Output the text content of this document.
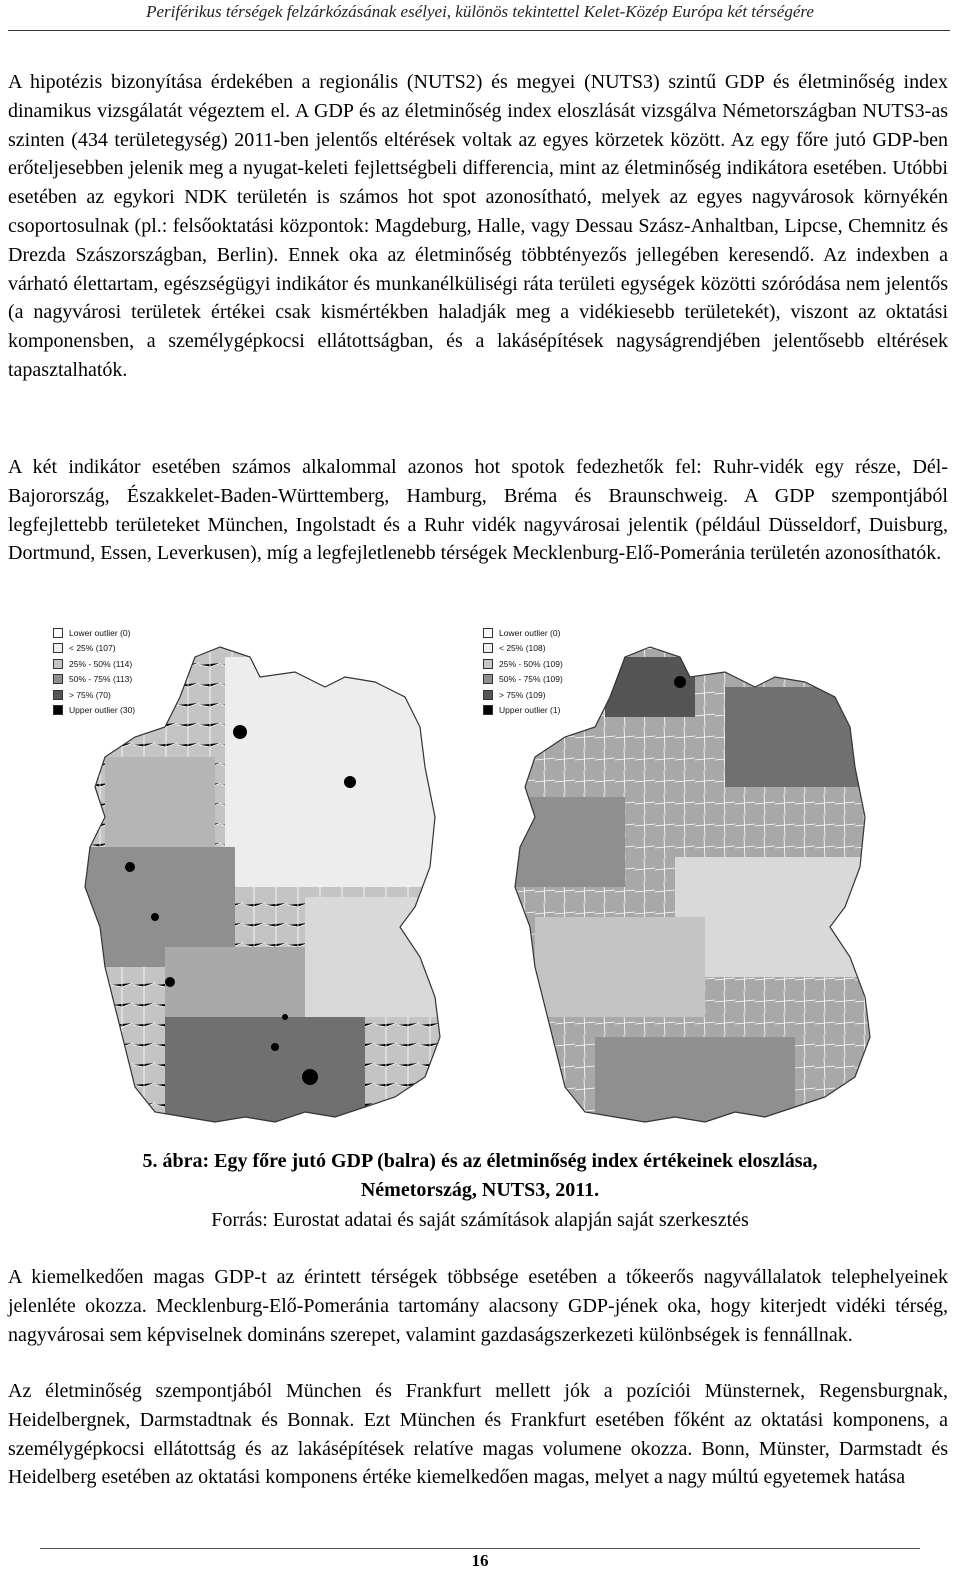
Periférikus térségek felzárkózásának esélyei, különös tekintettel Kelet-Közép Európa két térségére

A hipotézis bizonyítása érdekében a regionális (NUTS2) és megyei (NUTS3) szintű GDP és életminőség index dinamikus vizsgálatát végeztem el. A GDP és az életminőség index eloszlását vizsgálva Németországban NUTS3-as szinten (434 területegység) 2011-ben jelentős eltérések voltak az egyes körzetek között. Az egy főre jutó GDP-ben erőteljesebben jelenik meg a nyugat-keleti fejlettségbeli differencia, mint az életminőség indikátora esetében. Utóbbi esetében az egykori NDK területén is számos hot spot azonosítható, melyek az egyes nagyvárosok környékén csoportosulnak (pl.: felsőoktatási központok: Magdeburg, Halle, vagy Dessau Szász-Anhaltban, Lipcse, Chemnitz és Drezda Szászországban, Berlin). Ennek oka az életminőség többtényezős jellegében keresendő. Az indexben a várható élettartam, egészségügyi indikátor és munkanélküliségi ráta területi egységek közötti szóródása nem jelentős (a nagyvárosi területek értékei csak kismértékben haladják meg a vidékiesebb területekét), viszont az oktatási komponensben, a személygépkocsi ellátottságban, és a lakásépítések nagyságrendjében jelentősebb eltérések tapasztalhatók.

A két indikátor esetében számos alkalommal azonos hot spotok fedezhetők fel: Ruhr-vidék egy része, Dél-Bajorország, Északkelet-Baden-Württemberg, Hamburg, Bréma és Braunschweig. A GDP szempontjából legfejlettebb területeket München, Ingolstadt és a Ruhr vidék nagyvárosai jelentik (például Düsseldorf, Duisburg, Dortmund, Essen, Leverkusen), míg a legfejletlenebb térségek Mecklenburg-Elő-Pomeránia területén azonosíthatók.

Lower outlier (0)
< 25% (107)
25% - 50% (114)
50% - 75% (113)
> 75% (70)
Upper outlier (30)
Lower outlier (0)
< 25% (108)
25% - 50% (109)
50% - 75% (109)
> 75% (109)
Upper outlier (1)
5. ábra: Egy főre jutó GDP (balra) és az életminőség index értékeinek eloszlása,
Németország, NUTS3, 2011.
Forrás: Eurostat adatai és saját számítások alapján saját szerkesztés

A kiemelkedően magas GDP-t az érintett térségek többsége esetében a tőkeerős nagyvállalatok telephelyeinek jelenléte okozza. Mecklenburg-Elő-Pomeránia tartomány alacsony GDP-jének oka, hogy kiterjedt vidéki térség, nagyvárosai sem képviselnek domináns szerepet, valamint gazdaságszerkezeti különbségek is fennállnak.

Az életminőség szempontjából München és Frankfurt mellett jók a pozíciói Münsternek, Regensburgnak, Heidelbergnek, Darmstadtnak és Bonnak. Ezt München és Frankfurt esetében főként az oktatási komponens, a személygépkocsi ellátottság és az lakásépítések relatíve magas volumene okozza. Bonn, Münster, Darmstadt és Heidelberg esetében az oktatási komponens értéke kiemelkedően magas, melyet a nagy múltú egyetemek hatása

16
